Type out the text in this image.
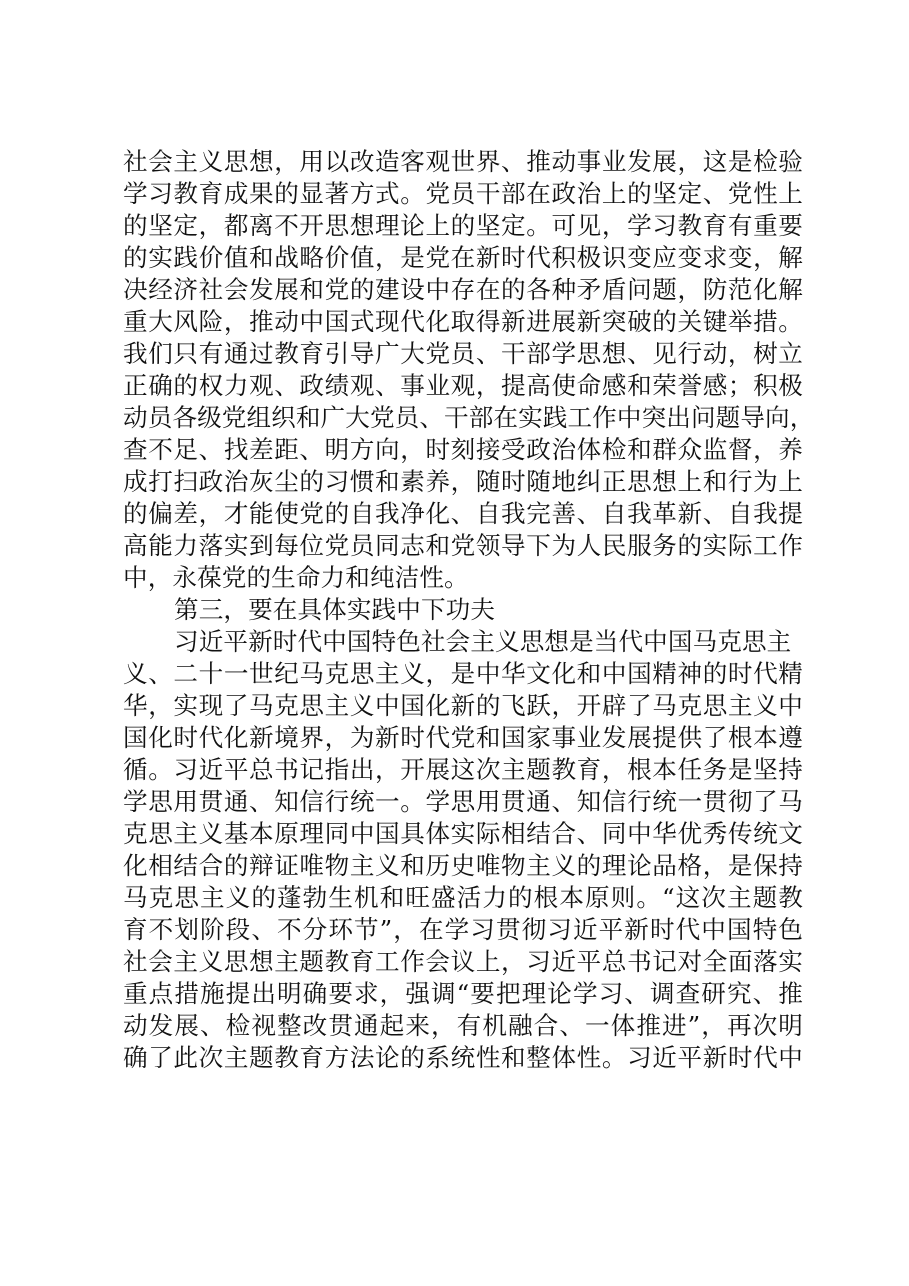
社会主义思想，用以改造客观世界、推动事业发展，这是检验
学习教育成果的显著方式。党员干部在政治上的坚定、党性上
的坚定，都离不开思想理论上的坚定。可见，学习教育有重要
的实践价值和战略价值，是党在新时代积极识变应变求变，解
决经济社会发展和党的建设中存在的各种矛盾问题，防范化解
重大风险，推动中国式现代化取得新进展新突破的关键举措。
我们只有通过教育引导广大党员、干部学思想、见行动，树立
正确的权力观、政绩观、事业观，提高使命感和荣誉感；积极
动员各级党组织和广大党员、干部在实践工作中突出问题导向，
查不足、找差距、明方向，时刻接受政治体检和群众监督，养
成打扫政治灰尘的习惯和素养，随时随地纠正思想上和行为上
的偏差，才能使党的自我净化、自我完善、自我革新、自我提
高能力落实到每位党员同志和党领导下为人民服务的实际工作
中，永葆党的生命力和纯洁性。
第三，要在具体实践中下功夫
习近平新时代中国特色社会主义思想是当代中国马克思主
义、二十一世纪马克思主义，是中华文化和中国精神的时代精
华，实现了马克思主义中国化新的飞跃，开辟了马克思主义中
国化时代化新境界，为新时代党和国家事业发展提供了根本遵
循。习近平总书记指出，开展这次主题教育，根本任务是坚持
学思用贯通、知信行统一。学思用贯通、知信行统一贯彻了马
克思主义基本原理同中国具体实际相结合、同中华优秀传统文
化相结合的辩证唯物主义和历史唯物主义的理论品格，是保持
马克思主义的蓬勃生机和旺盛活力的根本原则。“这次主题教
育不划阶段、不分环节”，在学习贯彻习近平新时代中国特色
社会主义思想主题教育工作会议上，习近平总书记对全面落实
重点措施提出明确要求，强调“要把理论学习、调查研究、推
动发展、检视整改贯通起来，有机融合、一体推进”，再次明
确了此次主题教育方法论的系统性和整体性。习近平新时代中
